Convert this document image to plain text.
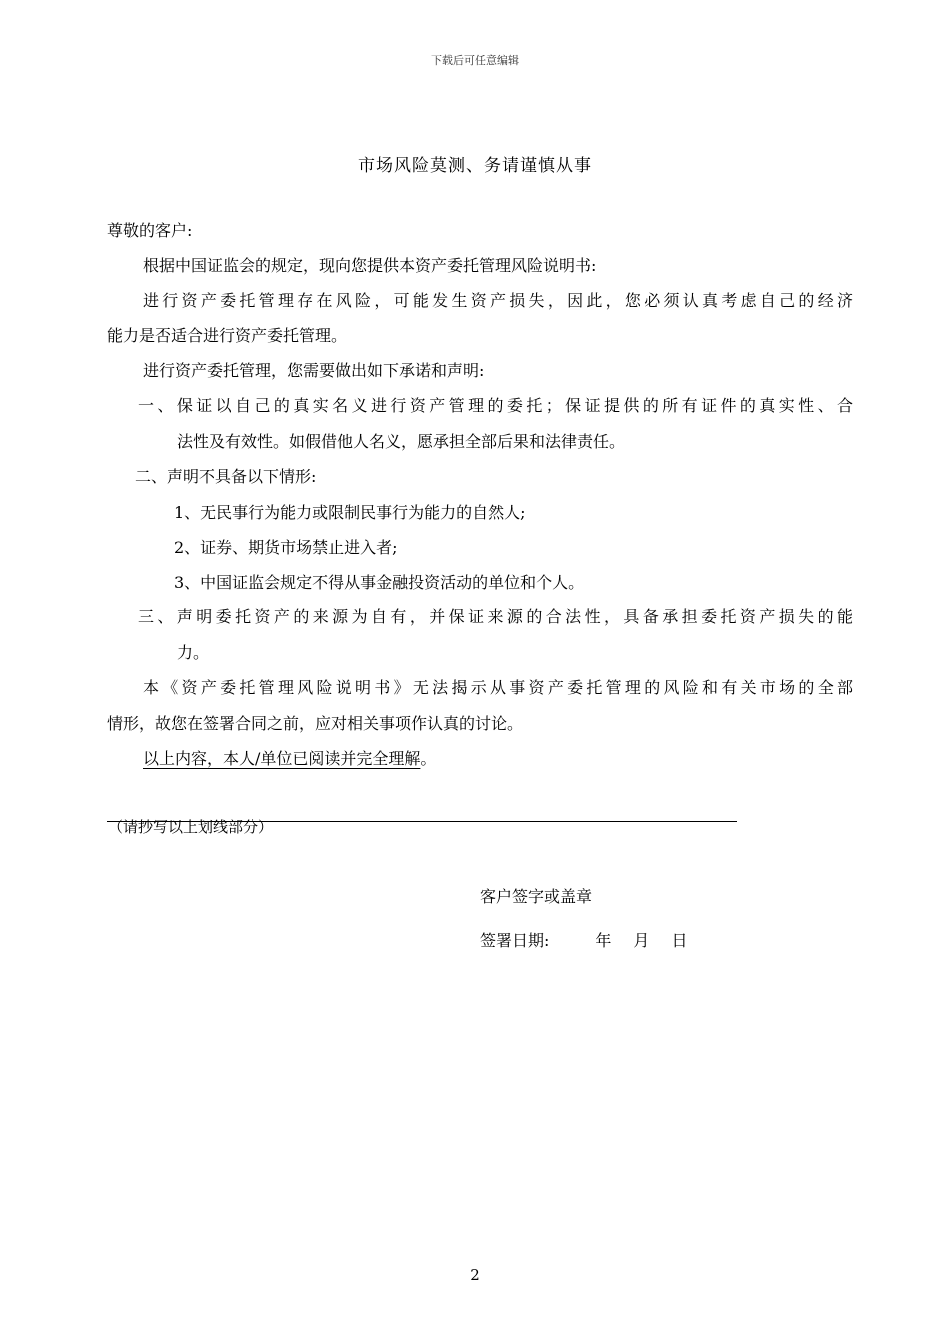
下载后可任意编辑
市场风险莫测、务请谨慎从事
尊敬的客户:
根据中国证监会的规定，现向您提供本资产委托管理风险说明书:
进行资产委托管理存在风险，可能发生资产损失，因此，您必须认真考虑自己的经济
能力是否适合进行资产委托管理。
进行资产委托管理，您需要做出如下承诺和声明:
一、保证以自己的真实名义进行资产管理的委托；保证提供的所有证件的真实性、合
法性及有效性。如假借他人名义，愿承担全部后果和法律责任。
二、声明不具备以下情形:
1、无民事行为能力或限制民事行为能力的自然人;
2、证券、期货市场禁止进入者;
3、中国证监会规定不得从事金融投资活动的单位和个人。
三、声明委托资产的来源为自有，并保证来源的合法性，具备承担委托资产损失的能
力。
本《资产委托管理风险说明书》无法揭示从事资产委托管理的风险和有关市场的全部
情形，故您在签署合同之前，应对相关事项作认真的讨论。
以上内容，本人/单位已阅读并完全理解。
（请抄写以上划线部分）
客户签字或盖章
签署日期:	年 月 日
2
